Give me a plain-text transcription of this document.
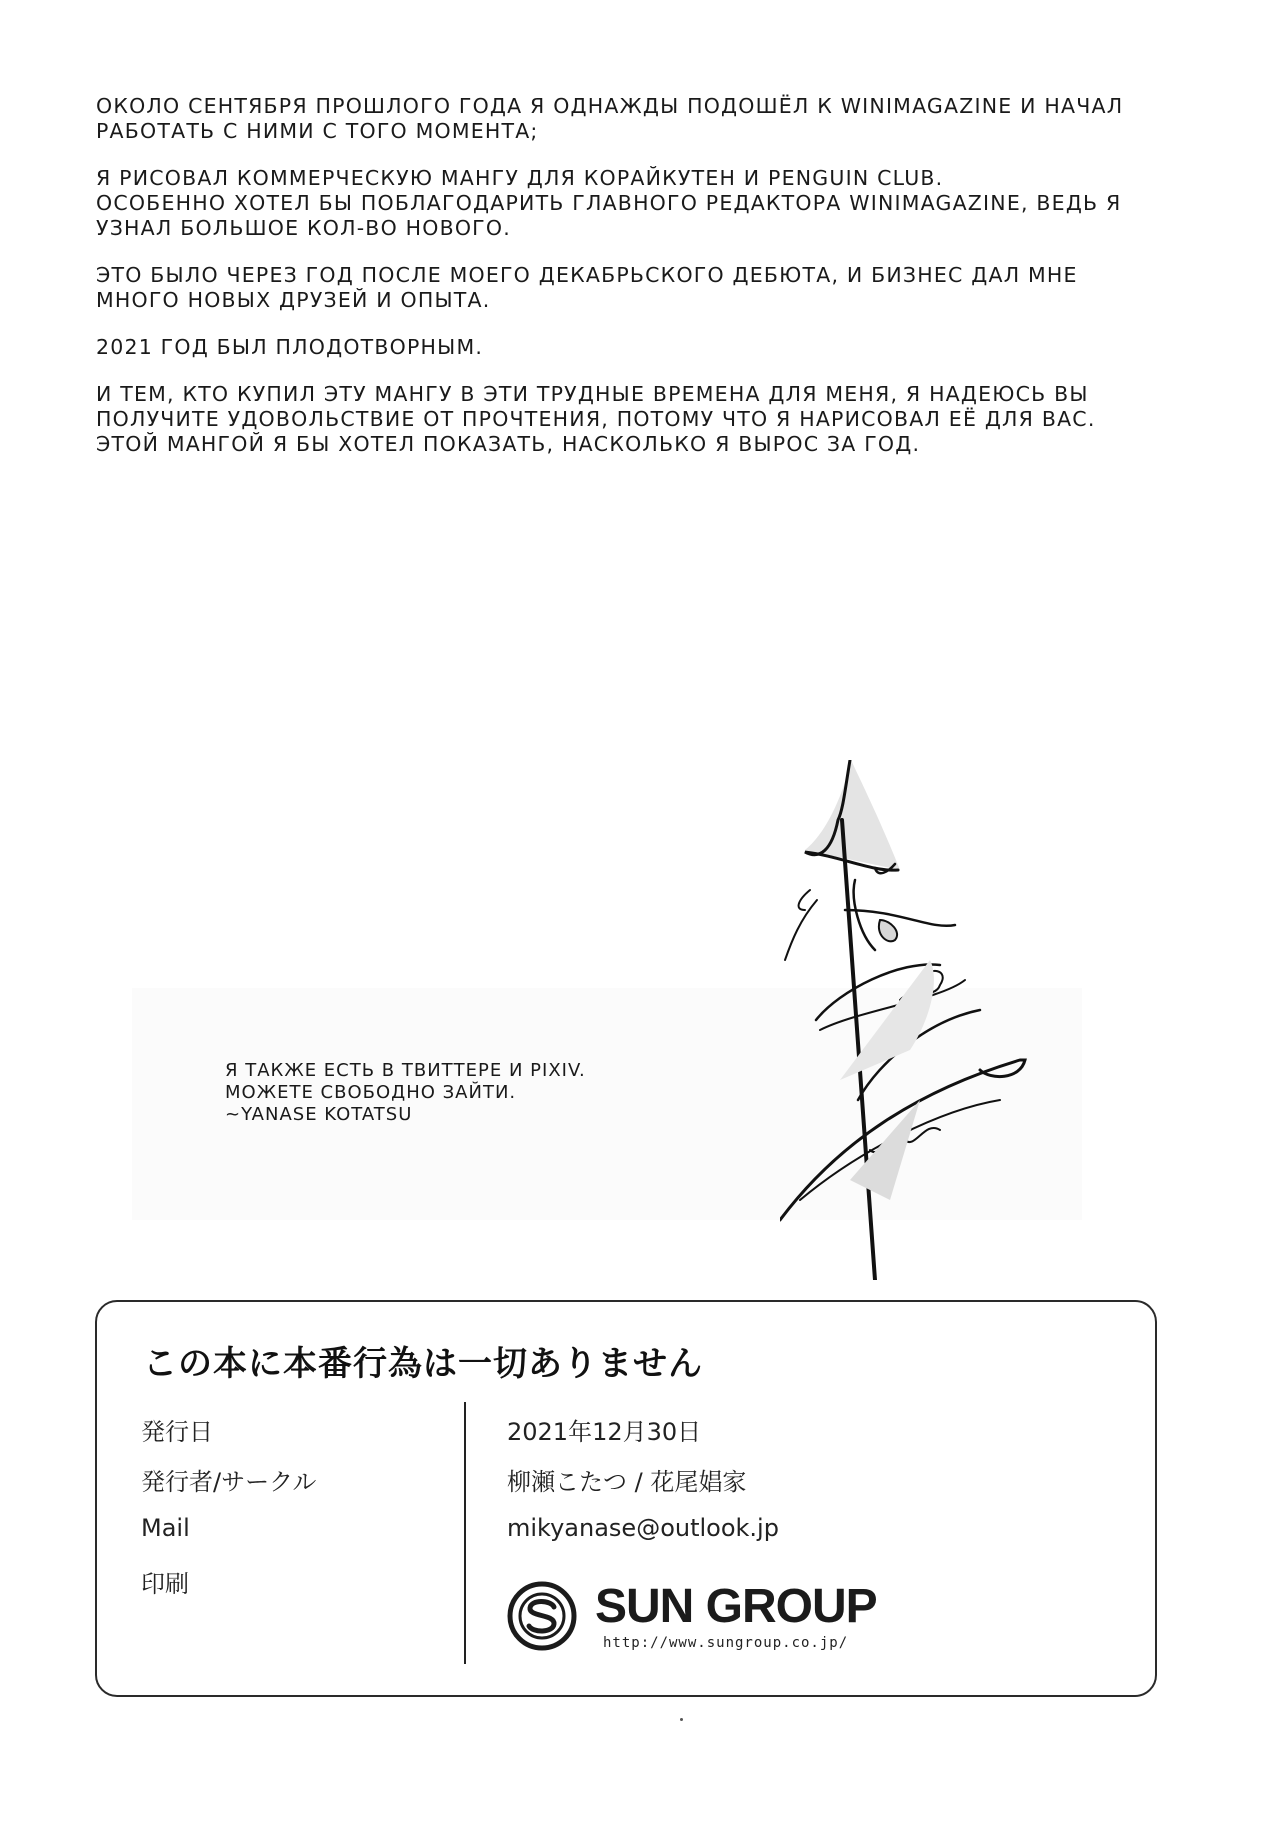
ОКОЛО СЕНТЯБРЯ ПРОШЛОГО ГОДА Я ОДНАЖДЫ ПОДОШЁЛ К WINIMAGAZINE И НАЧАЛ
РАБОТАТЬ С НИМИ С ТОГО МОМЕНТА;

Я РИСОВАЛ КОММЕРЧЕСКУЮ МАНГУ ДЛЯ КОРАЙКУТЕН И PENGUIN CLUB.
ОСОБЕННО ХОТЕЛ БЫ ПОБЛАГОДАРИТЬ ГЛАВНОГО РЕДАКТОРА WINIMAGAZINE, ВЕДЬ Я
УЗНАЛ БОЛЬШОЕ КОЛ-ВО НОВОГО.

ЭТО БЫЛО ЧЕРЕЗ ГОД ПОСЛЕ МОЕГО ДЕКАБРЬСКОГО ДЕБЮТА, И БИЗНЕС ДАЛ МНЕ
МНОГО НОВЫХ ДРУЗЕЙ И ОПЫТА.

2021 ГОД БЫЛ ПЛОДОТВОРНЫМ.

И ТЕМ, КТО КУПИЛ ЭТУ МАНГУ В ЭТИ ТРУДНЫЕ ВРЕМЕНА ДЛЯ МЕНЯ, Я НАДЕЮСЬ ВЫ
ПОЛУЧИТЕ УДОВОЛЬСТВИЕ ОТ ПРОЧТЕНИЯ, ПОТОМУ ЧТО Я НАРИСОВАЛ ЕЁ ДЛЯ ВАС.
ЭТОЙ МАНГОЙ Я БЫ ХОТЕЛ ПОКАЗАТЬ, НАСКОЛЬКО Я ВЫРОС ЗА ГОД.

Я ТАКЖЕ ЕСТЬ В ТВИТТЕРЕ И PIXIV.
МОЖЕТЕ СВОБОДНО ЗАЙТИ.
~YANASE KOTATSU
この本に本番行為は一切ありません
発行日	2021年12月30日
発行者/サークル	柳瀬こたつ / 花尾娼家
Mail	mikyanase@outlook.jp
印刷	SUN GROUP
http://www.sungroup.co.jp/
